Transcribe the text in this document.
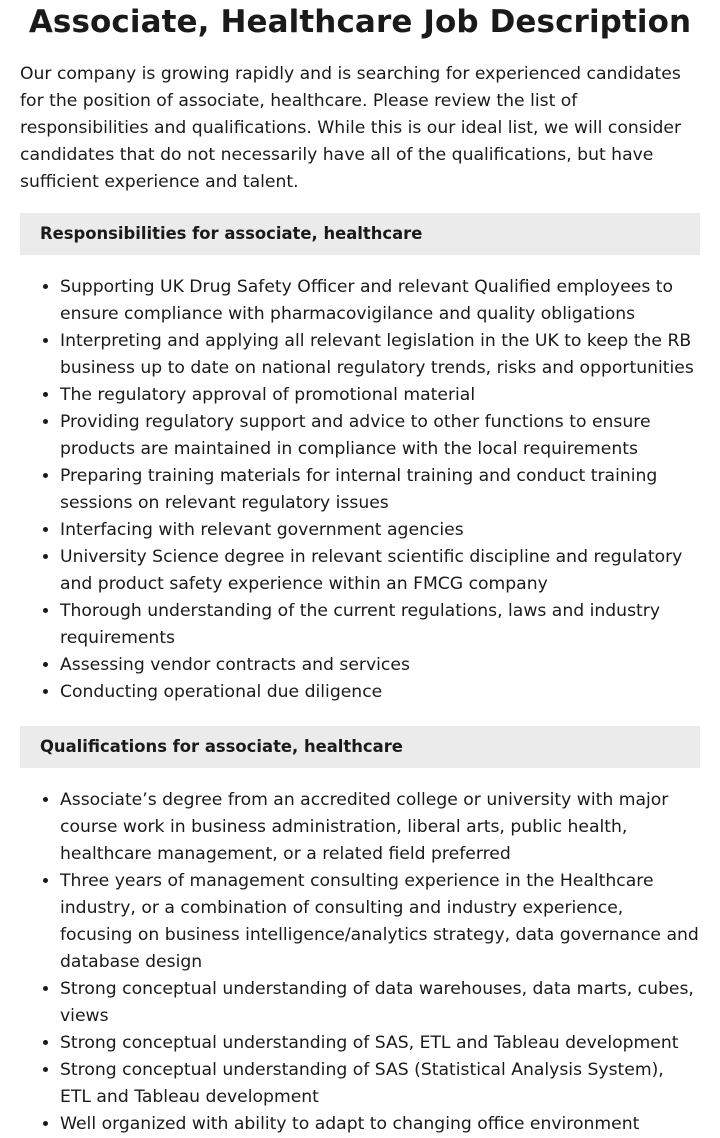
Associate, Healthcare Job Description

Our company is growing rapidly and is searching for experienced candidates for the position of associate, healthcare. Please review the list of responsibilities and qualifications. While this is our ideal list, we will consider candidates that do not necessarily have all of the qualifications, but have sufficient experience and talent.

Responsibilities for associate, healthcare
• Supporting UK Drug Safety Officer and relevant Qualified employees to ensure compliance with pharmacovigilance and quality obligations
• Interpreting and applying all relevant legislation in the UK to keep the RB business up to date on national regulatory trends, risks and opportunities
• The regulatory approval of promotional material
• Providing regulatory support and advice to other functions to ensure products are maintained in compliance with the local requirements
• Preparing training materials for internal training and conduct training sessions on relevant regulatory issues
• Interfacing with relevant government agencies
• University Science degree in relevant scientific discipline and regulatory and product safety experience within an FMCG company
• Thorough understanding of the current regulations, laws and industry requirements
• Assessing vendor contracts and services
• Conducting operational due diligence
Qualifications for associate, healthcare
• Associate’s degree from an accredited college or university with major course work in business administration, liberal arts, public health, healthcare management, or a related field preferred
• Three years of management consulting experience in the Healthcare industry, or a combination of consulting and industry experience, focusing on business intelligence/analytics strategy, data governance and database design
• Strong conceptual understanding of data warehouses, data marts, cubes, views
• Strong conceptual understanding of SAS, ETL and Tableau development
• Strong conceptual understanding of SAS (Statistical Analysis System), ETL and Tableau development
• Well organized with ability to adapt to changing office environment
